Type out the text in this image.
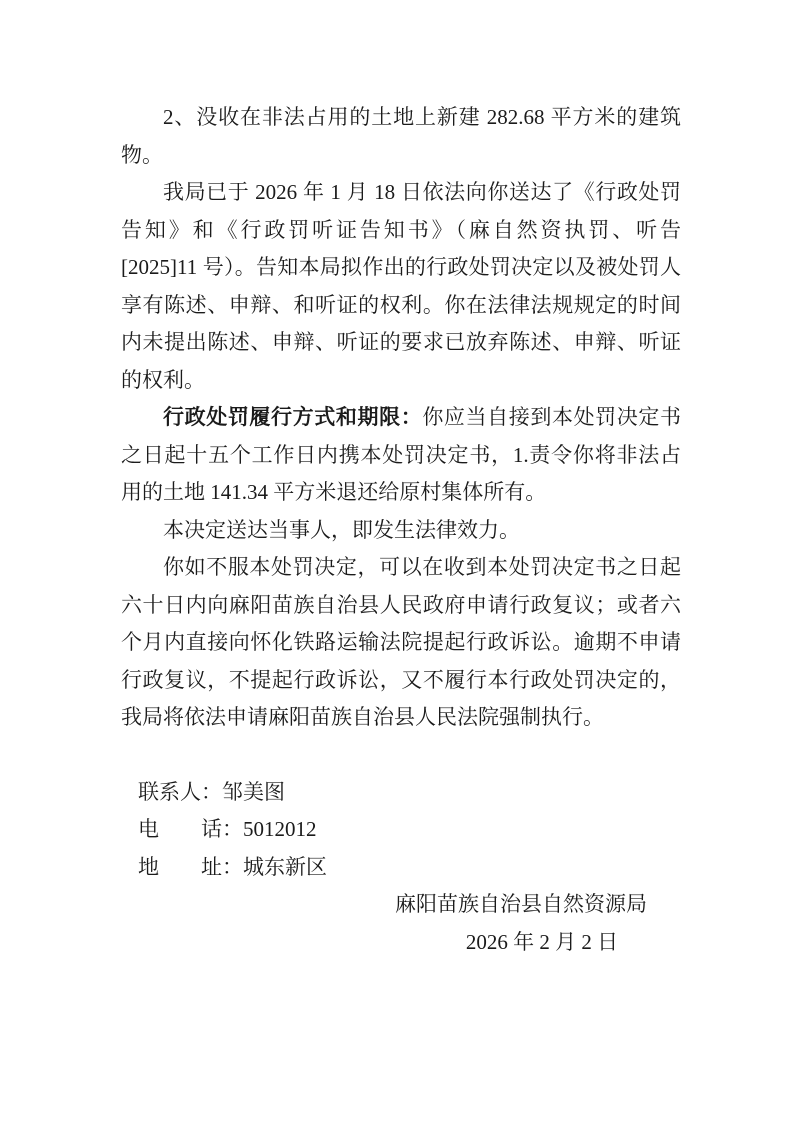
2、没收在非法占用的土地上新建 282.68 平方米的建筑物。

我局已于 2026 年 1 月 18 日依法向你送达了《行政处罚告知》和《行政罚听证告知书》（麻自然资执罚、听告[2025]11 号）。告知本局拟作出的行政处罚决定以及被处罚人享有陈述、申辩、和听证的权利。你在法律法规规定的时间内未提出陈述、申辩、听证的要求已放弃陈述、申辩、听证的权利。

行政处罚履行方式和期限：你应当自接到本处罚决定书之日起十五个工作日内携本处罚决定书，1.责令你将非法占用的土地 141.34 平方米退还给原村集体所有。

本决定送达当事人，即发生法律效力。

你如不服本处罚决定，可以在收到本处罚决定书之日起六十日内向麻阳苗族自治县人民政府申请行政复议；或者六个月内直接向怀化铁路运输法院提起行政诉讼。逾期不申请行政复议，不提起行政诉讼，又不履行本行政处罚决定的，我局将依法申请麻阳苗族自治县人民法院强制执行。

联系人：邹美图
电　　话：5012012
地　　址：城东新区
麻阳苗族自治县自然资源局
2026 年 2 月 2 日
